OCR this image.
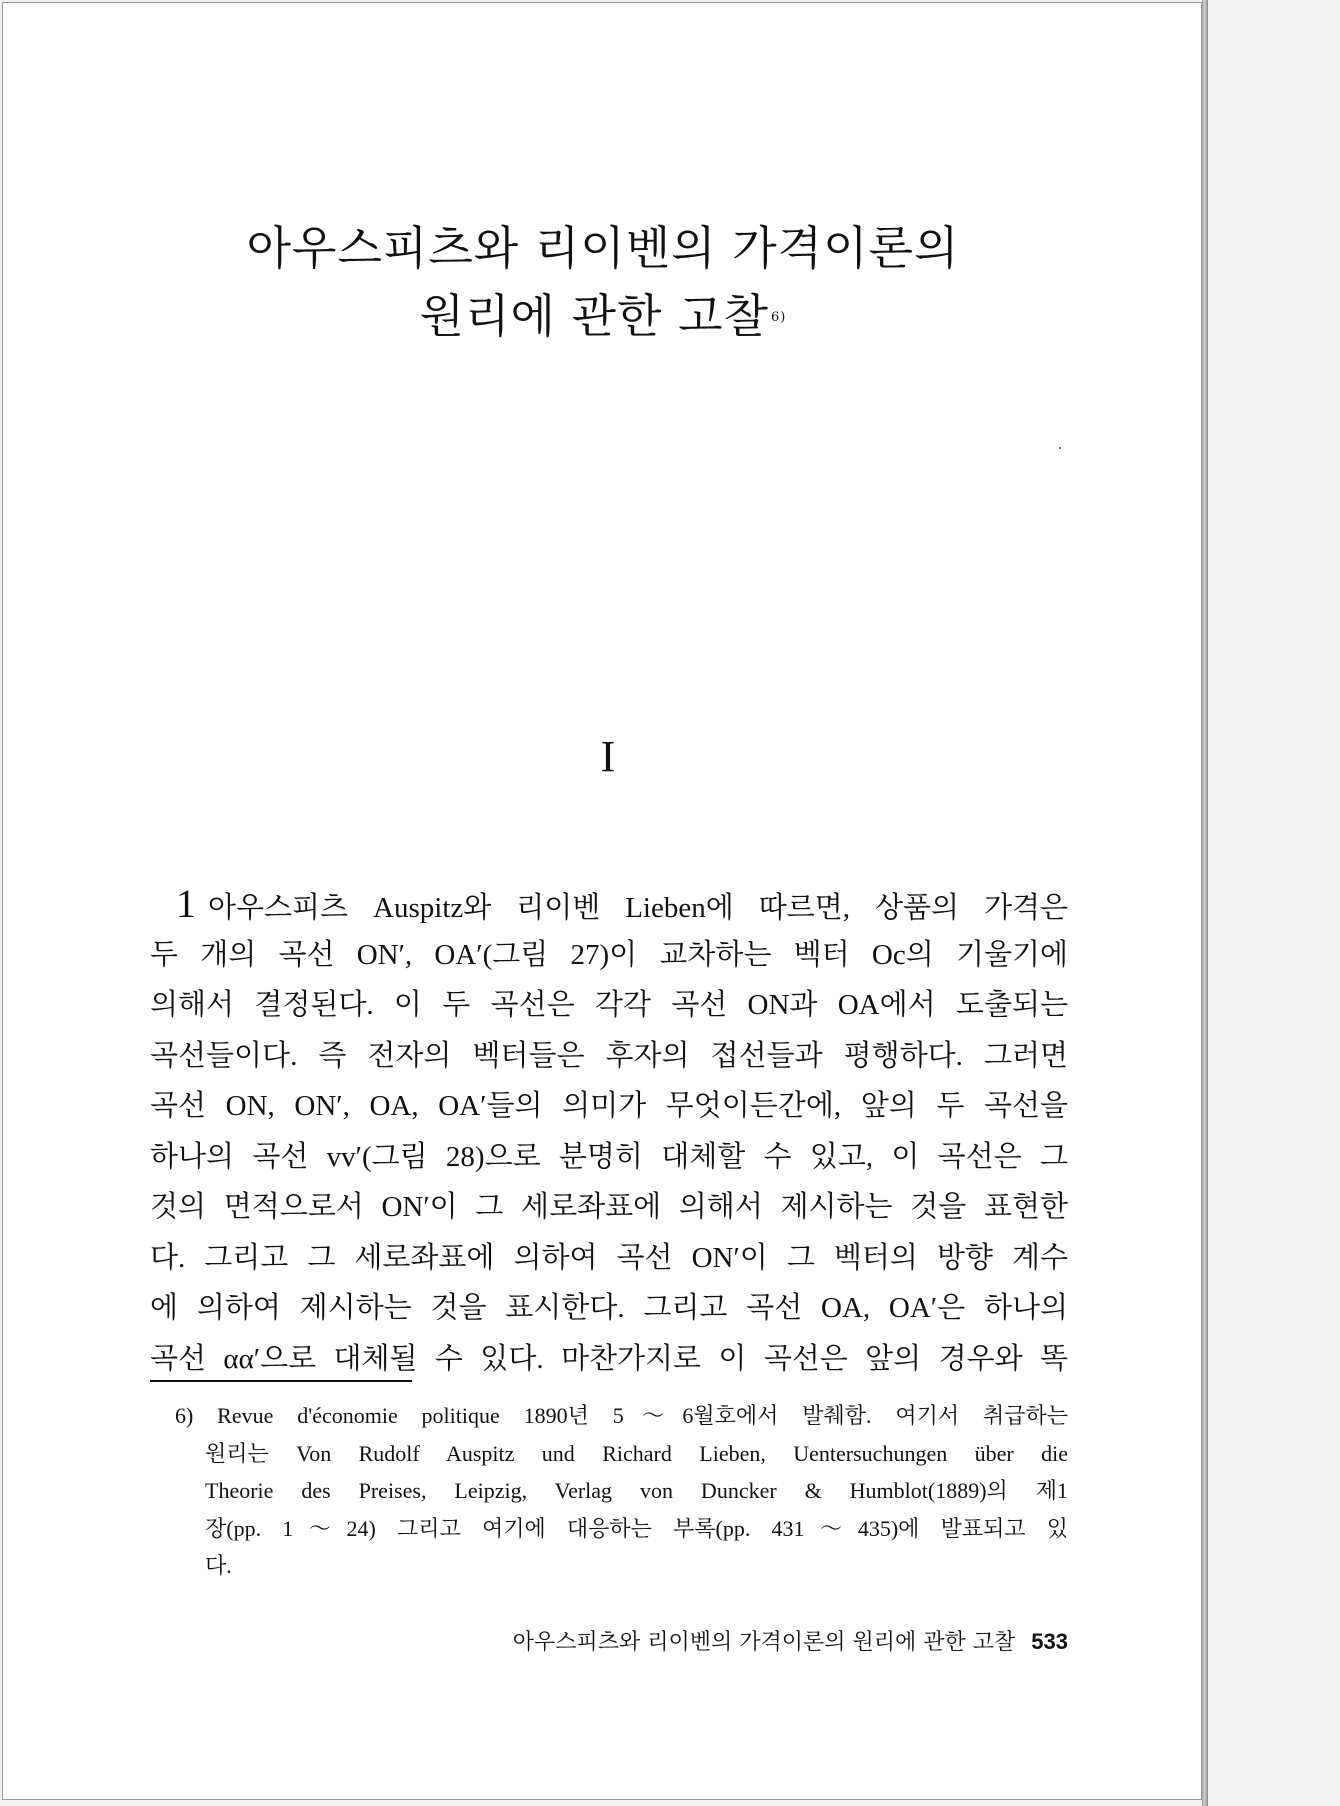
아우스피츠와 리이벤의 가격이론의
원리에 관한 고찰 $^{6)}$
I
1 아우스피츠 Auspitz와 리이벤 Lieben에 따르면, 상품의 가격은
두 개의 곡선 ON′, OA′(그림 27)이 교차하는 벡터 Oc의 기울기에
의해서 결정된다. 이 두 곡선은 각각 곡선 ON과 OA에서 도출되는
곡선들이다. 즉 전자의 벡터들은 후자의 접선들과 평행하다. 그러면
곡선 ON, ON′, OA, OA′들의 의미가 무엇이든간에, 앞의 두 곡선을
하나의 곡선 vv′(그림 28)으로 분명히 대체할 수 있고, 이 곡선은 그
것의 면적으로서 ON′이 그 세로좌표에 의해서 제시하는 것을 표현한
다. 그리고 그 세로좌표에 의하여 곡선 ON′이 그 벡터의 방향 계수
에 의하여 제시하는 것을 표시한다. 그리고 곡선 OA, OA′은 하나의
곡선 αα′으로 대체될 수 있다. 마찬가지로 이 곡선은 앞의 경우와 똑
6) Revue d'économie politique 1890년 5～6월호에서 발췌함. 여기서 취급하는
원리는 Von Rudolf Auspitz und Richard Lieben, Uentersuchungen über die
Theorie des Preises, Leipzig, Verlag von Duncker & Humblot(1889)의 제1
장(pp. 1～24) 그리고 여기에 대응하는 부록(pp. 431～435)에 발표되고 있
다.
아우스피츠와 리이벤의 가격이론의 원리에 관한 고찰 533
